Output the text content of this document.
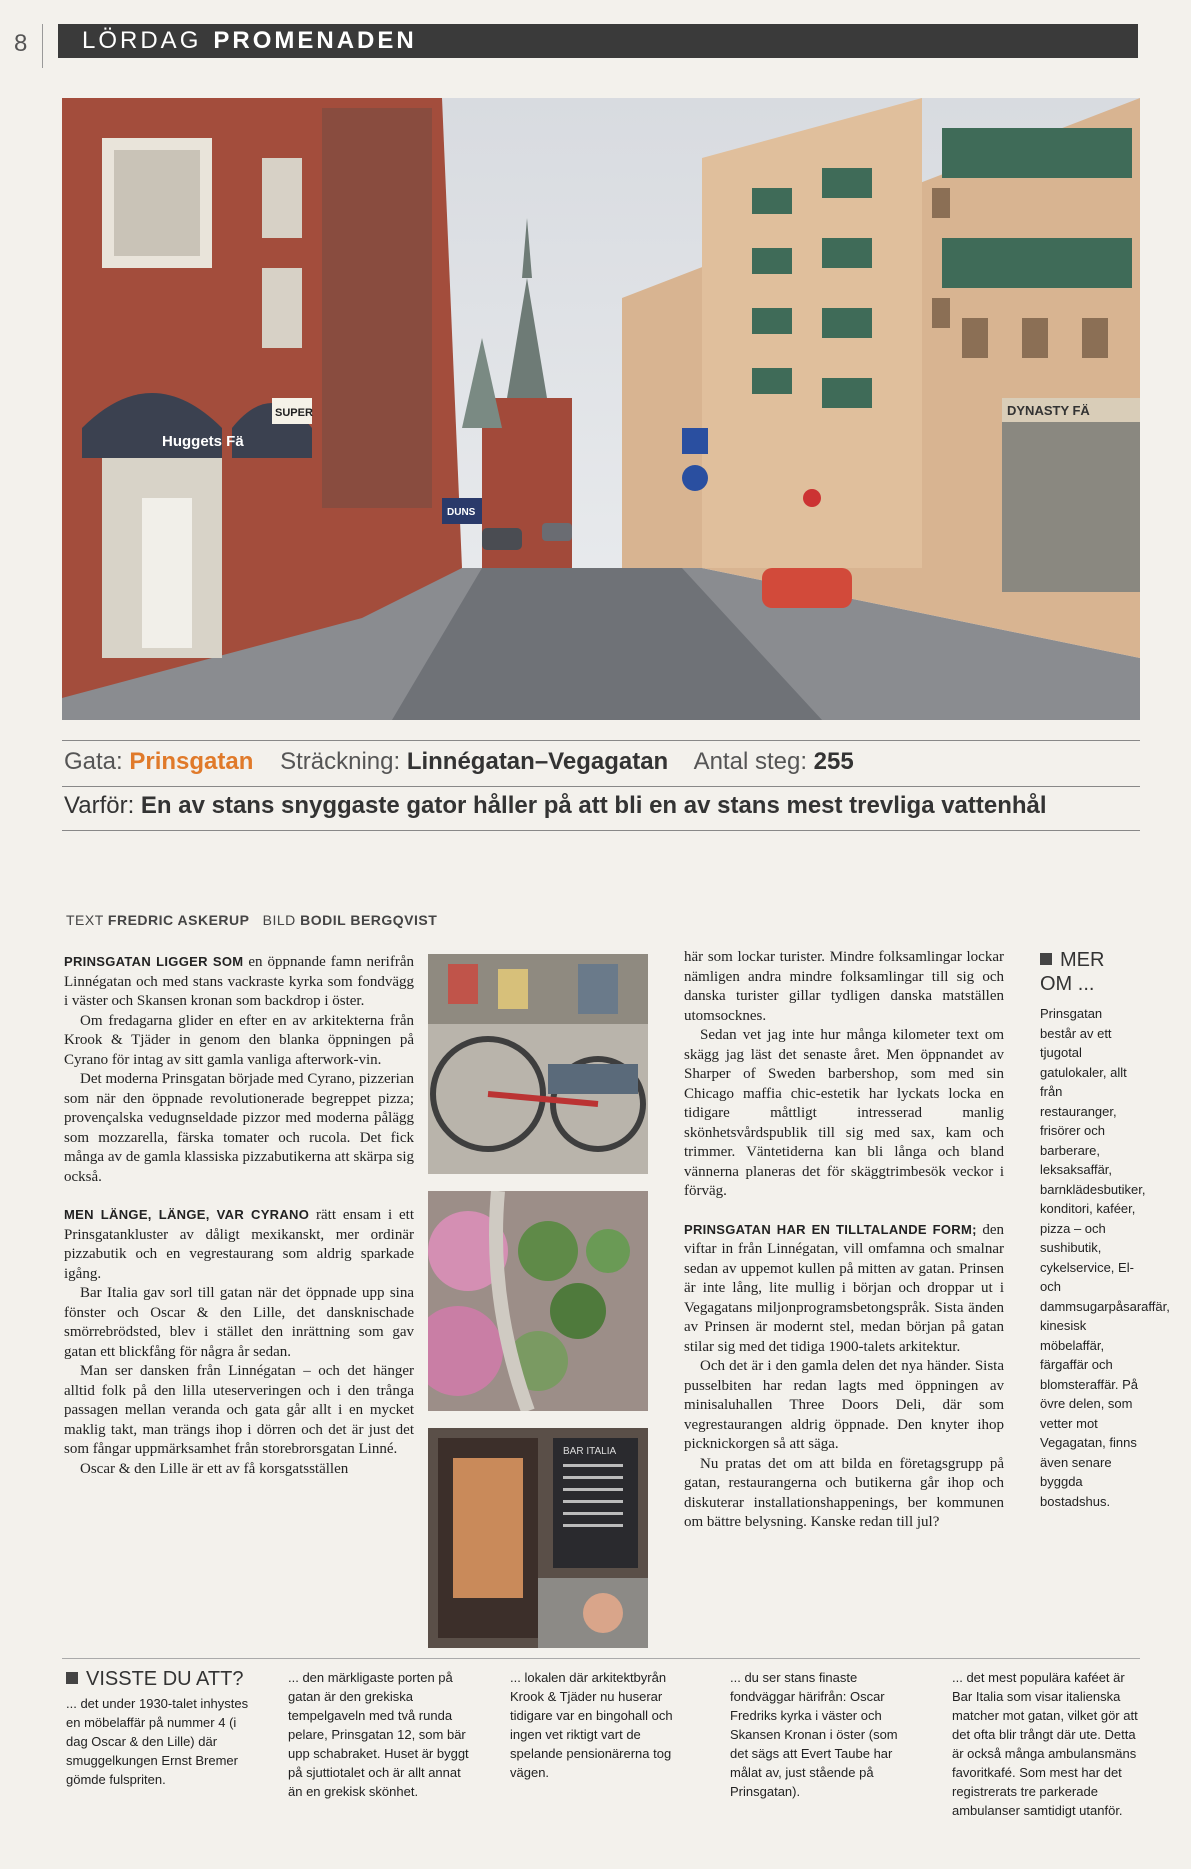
8 LÖRDAG PROMENADEN
Huggets Fä
SUPER
DUNS
DYNASTY FÄ
Gata: Prinsgatan Sträckning: Linnégatan–Vegagatan Antal steg: 255
Varför: En av stans snyggaste gator håller på att bli en av stans mest trevliga vattenhål
TEXT FREDRIC ASKERUP BILD BODIL BERGQVIST

PRINSGATAN LIGGER SOM en öppnande famn nerifrån Linnégatan och med stans vackraste kyrka som fondvägg i väster och Skansen kronan som backdrop i öster.

Om fredagarna glider en efter en av arkitekterna från Krook & Tjäder in genom den blanka öppningen på Cyrano för intag av sitt gamla vanliga afterwork-vin.

Det moderna Prinsgatan började med Cyrano, pizzerian som när den öppnade revolutionerade begreppet pizza; provençalska vedugnseldade pizzor med moderna pålägg som mozzarella, färska tomater och rucola. Det fick många av de gamla klassiska pizzabutikerna att skärpa sig också.

MEN LÄNGE, LÄNGE, VAR CYRANO rätt ensam i ett Prinsgatankluster av dåligt mexikanskt, mer ordinär pizzabutik och en vegrestaurang som aldrig sparkade igång.

Bar Italia gav sorl till gatan när det öppnade upp sina fönster och Oscar & den Lille, det dansknischade smörrebrödsted, blev i stället den inrättning som gav gatan ett blickfång för några år sedan.

Man ser dansken från Linnégatan – och det hänger alltid folk på den lilla uteserveringen och i den trånga passagen mellan veranda och gata går allt i en mycket maklig takt, man trängs ihop i dörren och det är just det som fångar uppmärksamhet från storebrorsgatan Linné.

Oscar & den Lille är ett av få korsgatsställen

BAR ITALIA

här som lockar turister. Mindre folksamlingar lockar nämligen andra mindre folksamlingar till sig och danska turister gillar tydligen danska matställen utomsocknes.

Sedan vet jag inte hur många kilometer text om skägg jag läst det senaste året. Men öppnandet av Sharper of Sweden barbershop, som med sin Chicago maffia chic-estetik har lyckats locka en tidigare måttligt intresserad manlig skönhetsvårdspublik till sig med sax, kam och trimmer. Väntetiderna kan bli långa och bland vännerna planeras det för skäggtrimbesök veckor i förväg.

PRINSGATAN HAR EN TILLTALANDE FORM; den viftar in från Linnégatan, vill omfamna och smalnar sedan av uppemot kullen på mitten av gatan. Prinsen är inte lång, lite mullig i början och droppar ut i Vegagatans miljonprogramsbetongspråk. Sista änden av Prinsen är modernt stel, medan början på gatan stilar sig med det tidiga 1900-talets arkitektur.

Och det är i den gamla delen det nya händer. Sista pusselbiten har redan lagts med öppningen av minisaluhallen Three Doors Deli, där som vegrestaurangen aldrig öppnade. Den knyter ihop picknickorgen så att säga.

Nu pratas det om att bilda en företagsgrupp på gatan, restaurangerna och butikerna går ihop och diskuterar installationshappenings, ber kommunen om bättre belysning. Kanske redan till jul?

MER OM ...
Prinsgatan består av ett tjugotal gatulokaler, allt från restauranger, frisörer och barberare, leksaksaffär, barnklädesbutiker, konditori, kaféer, pizza – och sushibutik, cykelservice, El- och dammsugarpåsaraffär, kinesisk möbelaffär, färgaffär och blomsteraffär. På övre delen, som vetter mot Vegagatan, finns även senare byggda bostadshus.
VISSTE DU ATT?
... det under 1930-talet inhystes en möbelaffär på nummer 4 (i dag Oscar & den Lille) där smuggelkungen Ernst Bremer gömde fulspriten.
... den märkligaste porten på gatan är den grekiska tempelgaveln med två runda pelare, Prinsgatan 12, som bär upp schabraket. Huset är byggt på sjuttiotalet och är allt annat än en grekisk skönhet.
... lokalen där arkitektbyrån Krook & Tjäder nu huserar tidigare var en bingohall och ingen vet riktigt vart de spelande pensionärerna tog vägen.
... du ser stans finaste fondväggar härifrån: Oscar Fredriks kyrka i väster och Skansen Kronan i öster (som det sägs att Evert Taube har målat av, just stående på Prinsgatan).
... det mest populära kaféet är Bar Italia som visar italienska matcher mot gatan, vilket gör att det ofta blir trångt där ute. Detta är också många ambulansmäns favoritkafé. Som mest har det registrerats tre parkerade ambulanser samtidigt utanför.
